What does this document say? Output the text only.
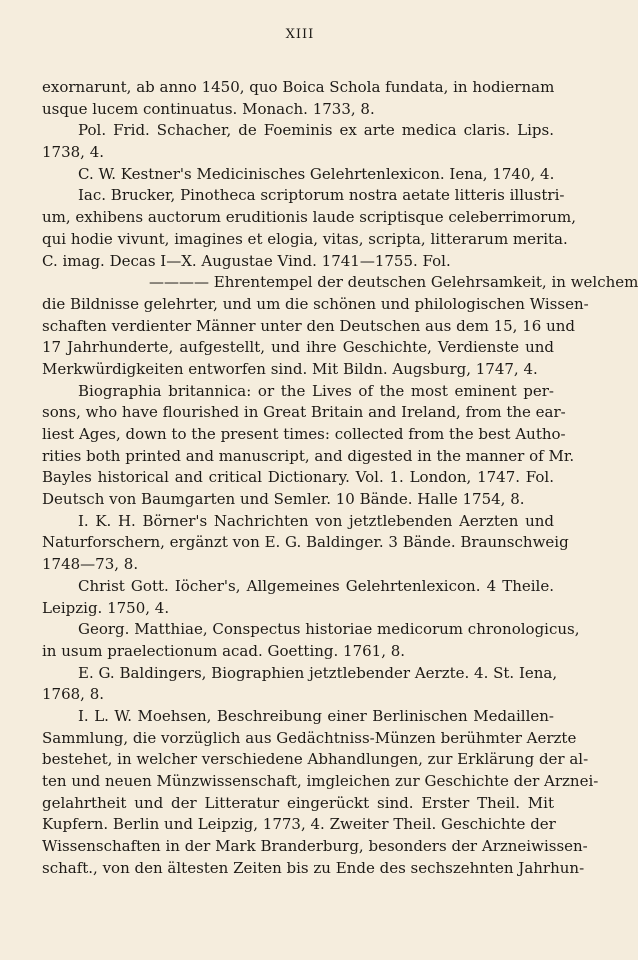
XIII
exornarunt, ab anno 1450, quo Boica Schola fundata, in hodiernam
usque lucem continuatus. Monach. 1733, 8.
Pol. Frid. Schacher, de Foeminis ex arte medica claris. Lips.
1738, 4.
C. W. Kestner's Medicinisches Gelehrtenlexicon. Iena, 1740, 4.
Iac. Brucker, Pinotheca scriptorum nostra aetate litteris illustri-
um, exhibens auctorum eruditionis laude scriptisque celeberrimorum,
qui hodie vivunt, imagines et elogia, vitas, scripta, litterarum merita.
C. imag. Decas I—X. Augustae Vind. 1741—1755. Fol.
———— Ehrentempel der deutschen Gelehrsamkeit, in welchem
die Bildnisse gelehrter, und um die schönen und philologischen Wissen-
schaften verdienter Männer unter den Deutschen aus dem 15, 16 und
17 Jahrhunderte, aufgestellt, und ihre Geschichte, Verdienste und
Merkwürdigkeiten entworfen sind. Mit Bildn. Augsburg, 1747, 4.
Biographia britannica: or the Lives of the most eminent per-
sons, who have flourished in Great Britain and Ireland, from the ear-
liest Ages, down to the present times: collected from the best Autho-
rities both printed and manuscript, and digested in the manner of Mr.
Bayles historical and critical Dictionary. Vol. 1. London, 1747. Fol.
Deutsch von Baumgarten und Semler. 10 Bände. Halle 1754, 8.
I. K. H. Börner's Nachrichten von jetztlebenden Aerzten und
Naturforschern, ergänzt von E. G. Baldinger. 3 Bände. Braunschweig
1748—73, 8.
Christ Gott. Iöcher's, Allgemeines Gelehrtenlexicon. 4 Theile.
Leipzig. 1750, 4.
Georg. Matthiae, Conspectus historiae medicorum chronologicus,
in usum praelectionum acad. Goetting. 1761, 8.
E. G. Baldingers, Biographien jetztlebender Aerzte. 4. St. Iena,
1768, 8.
I. L. W. Moehsen, Beschreibung einer Berlinischen Medaillen-
Sammlung, die vorzüglich aus Gedächtniss-Münzen berühmter Aerzte
bestehet, in welcher verschiedene Abhandlungen, zur Erklärung der al-
ten und neuen Münzwissenschaft, imgleichen zur Geschichte der Arznei-
gelahrtheit und der Litteratur eingerückt sind. Erster Theil. Mit
Kupfern. Berlin und Leipzig, 1773, 4. Zweiter Theil. Geschichte der
Wissenschaften in der Mark Branderburg, besonders der Arzneiwissen-
schaft., von den ältesten Zeiten bis zu Ende des sechszehnten Jahrhun-
